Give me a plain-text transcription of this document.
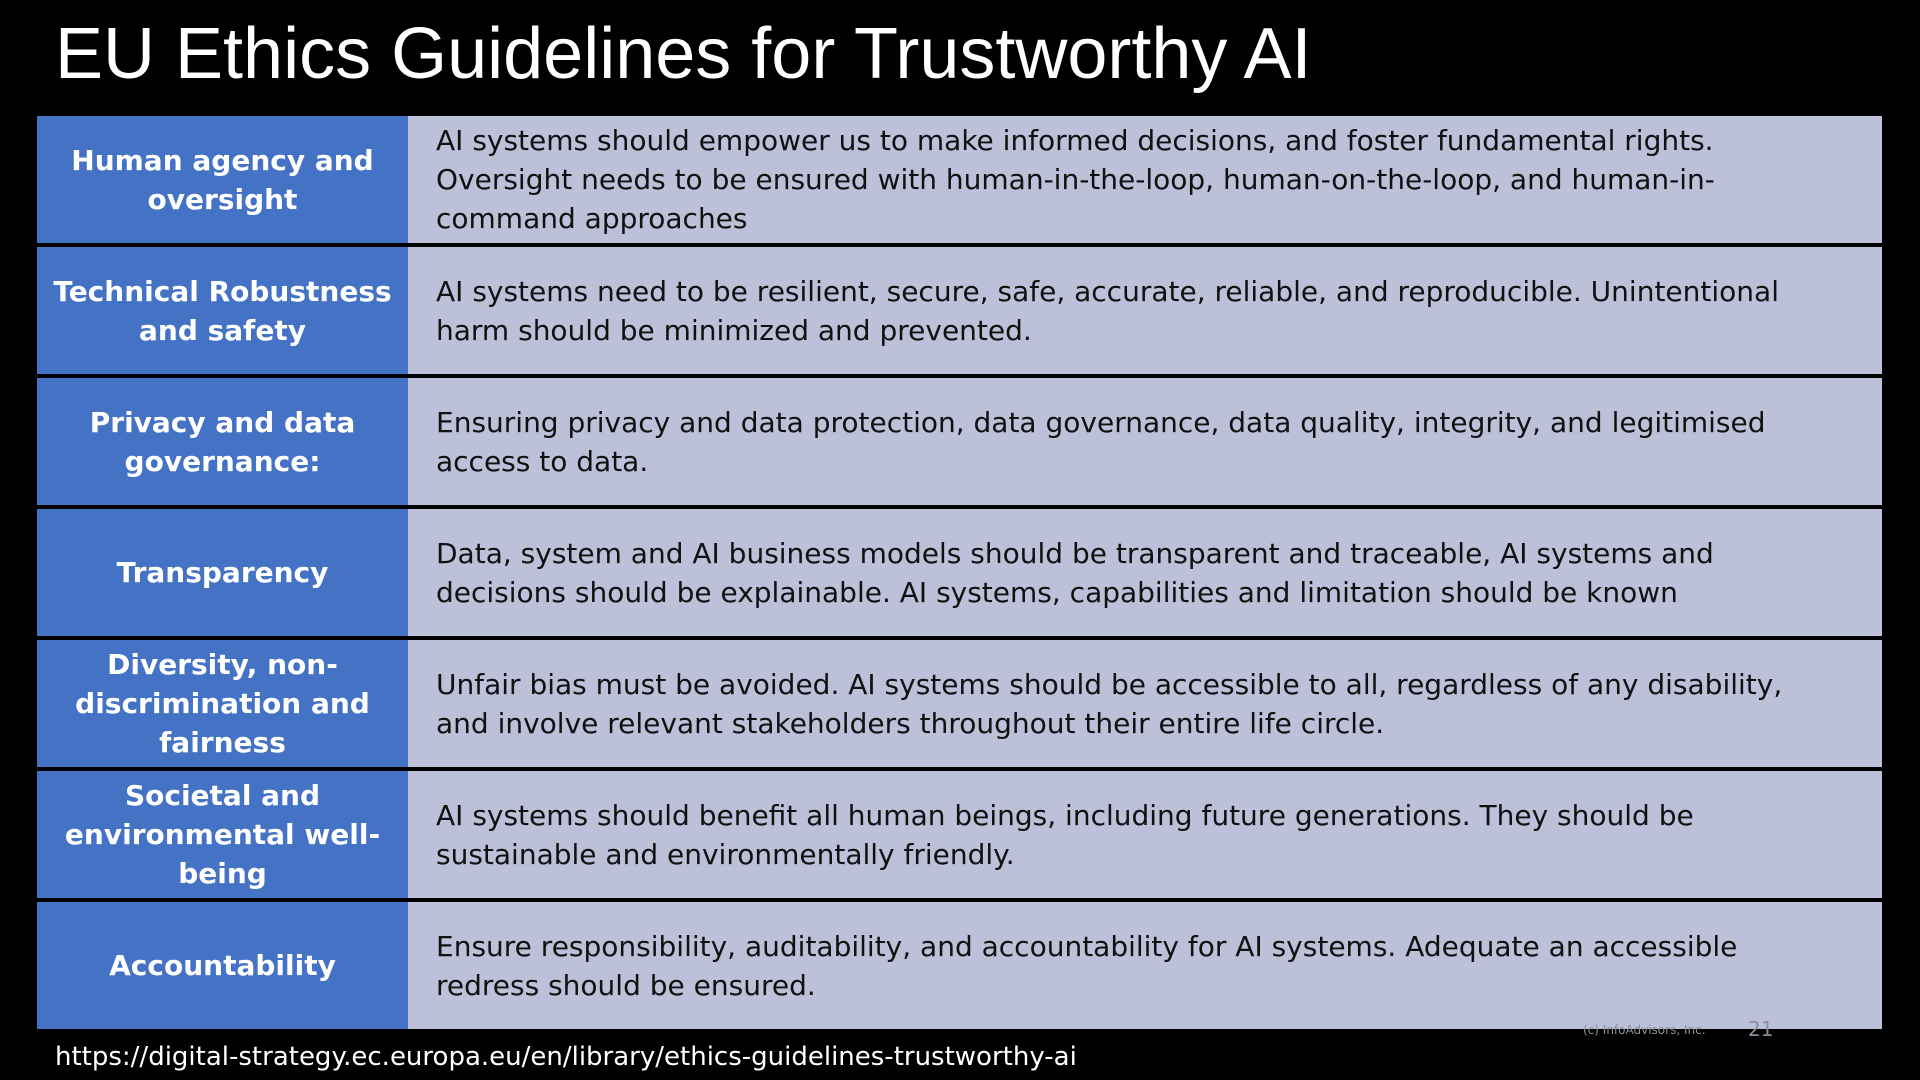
EU Ethics Guidelines for Trustworthy AI
Human agency and oversight
AI systems should empower us to make informed decisions, and foster fundamental rights. Oversight needs to be ensured with human-in-the-loop, human-on-the-loop, and human-in-command approaches
Technical Robustness and safety
AI systems need to be resilient, secure, safe, accurate, reliable, and reproducible. Unintentional harm should be minimized and prevented.
Privacy and data governance:
Ensuring privacy and data protection, data governance, data quality, integrity, and legitimised access to data.
Transparency
Data, system and AI business models should be transparent and traceable, AI systems and decisions should be explainable. AI systems, capabilities and limitation should be known
Diversity, non-discrimination and fairness
Unfair bias must be avoided. AI systems should be accessible to all, regardless of any disability, and involve relevant stakeholders throughout their entire life circle.
Societal and environmental well-being
AI systems should benefit all human beings, including future generations. They should be sustainable and environmentally friendly.
Accountability
Ensure responsibility, auditability, and accountability for AI systems. Adequate an accessible redress should be ensured.
(c) InfoAdvisors, Inc. 21
https://digital-strategy.ec.europa.eu/en/library/ethics-guidelines-trustworthy-ai
